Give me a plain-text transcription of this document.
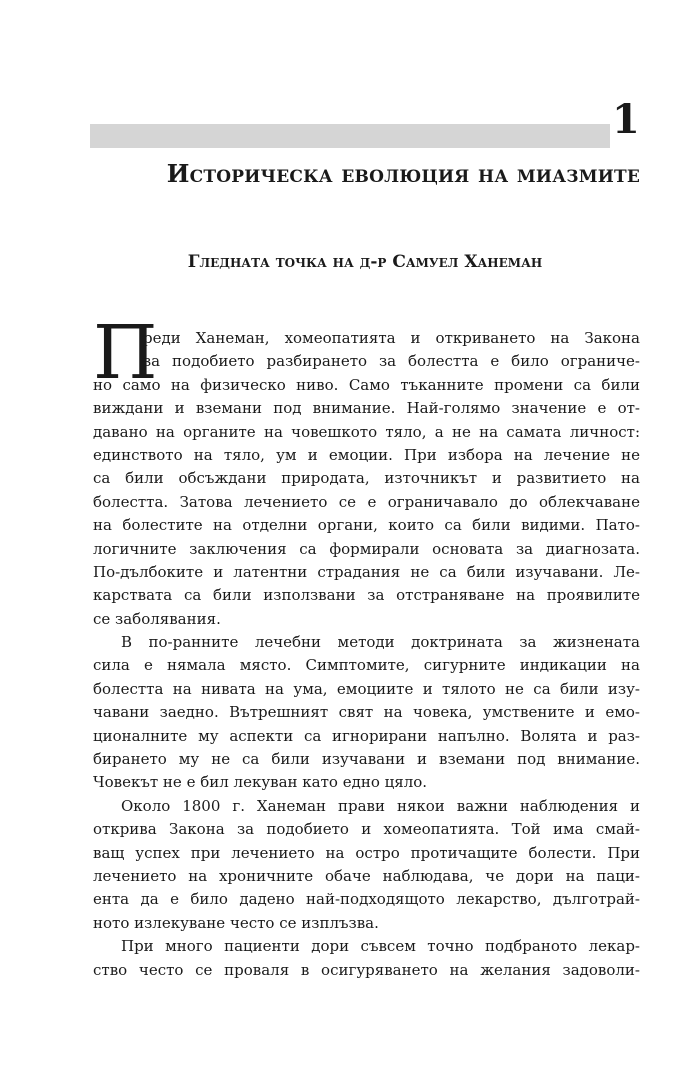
1
Историческа еволюция на миазмите
Гледната точка на д-р Самуел Ханеман
П
реди Ханеман, хомеопатията и откриването на Закона
за подобието разбирането за болестта е било ограниче-
но само на физическо ниво. Само тъканните промени са били
виждани и вземани под внимание. Най-голямо значение е от-
давано на органите на човешкото тяло, а не на самата личност:
единството на тяло, ум и емоции. При избора на лечение не
са били обсъждани природата, източникът и развитието на
болестта. Затова лечението се е ограничавало до облекчаване
на болестите на отделни органи, които са били видими. Пато-
логичните заключения са формирали основата за диагнозата.
По-дълбоките и латентни страдания не са били изучавани. Ле-
карствата са били използвани за отстраняване на проявилите
се заболявания.
В по-ранните лечебни методи доктрината за жизнената
сила е нямала място. Симптомите, сигурните индикации на
болестта на нивата на ума, емоциите и тялото не са били изу-
чавани заедно. Вътрешният свят на човека, умствените и емо-
ционалните му аспекти са игнорирани напълно. Волята и раз-
бирането му не са били изучавани и вземани под внимание.
Човекът не е бил лекуван като едно цяло.
Около 1800 г. Ханеман прави някои важни наблюдения и
открива Закона за подобието и хомеопатията. Той има смай-
ващ успех при лечението на остро протичащите болести. При
лечението на хроничните обаче наблюдава, че дори на паци-
ента да е било дадено най-подходящото лекарство, дълготрай-
ното излекуване често се изплъзва.
При много пациенти дори съвсем точно подбраното лекар-
ство често се проваля в осигуряването на желания задоволи-
